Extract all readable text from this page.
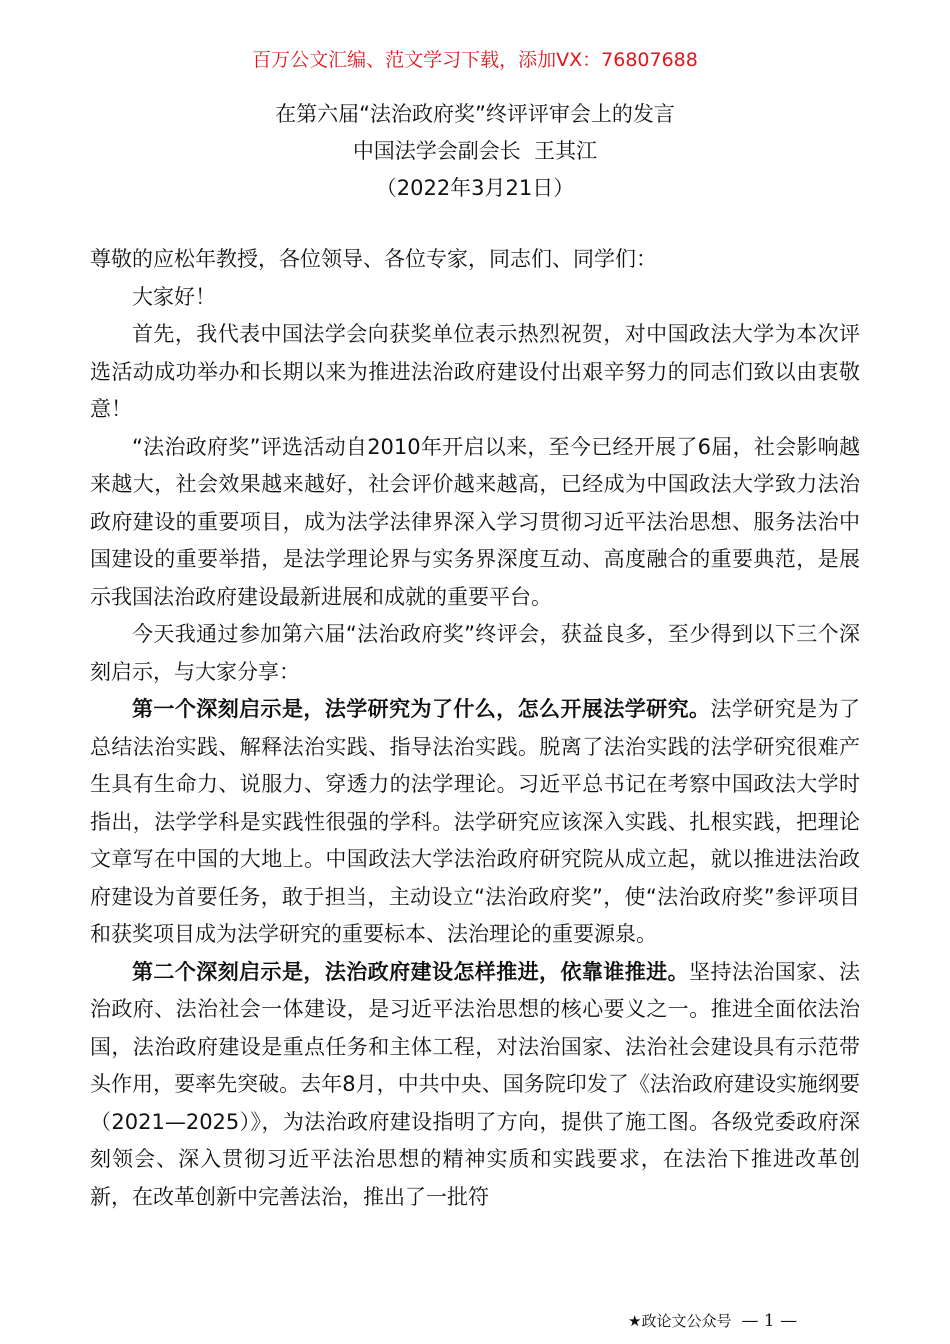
百万公文汇编、范文学习下载，添加VX：76807688
在第六届“法治政府奖”终评评审会上的发言
中国法学会副会长  王其江
（2022年3月21日）

尊敬的应松年教授，各位领导、各位专家，同志们、同学们：

大家好！

首先，我代表中国法学会向获奖单位表示热烈祝贺，对中国政法大学为本次评选活动成功举办和长期以来为推进法治政府建设付出艰辛努力的同志们致以由衷敬意！

“法治政府奖”评选活动自2010年开启以来，至今已经开展了6届，社会影响越来越大，社会效果越来越好，社会评价越来越高，已经成为中国政法大学致力法治政府建设的重要项目，成为法学法律界深入学习贯彻习近平法治思想、服务法治中国建设的重要举措，是法学理论界与实务界深度互动、高度融合的重要典范，是展示我国法治政府建设最新进展和成就的重要平台。

今天我通过参加第六届“法治政府奖”终评会，获益良多，至少得到以下三个深刻启示，与大家分享：

第一个深刻启示是，法学研究为了什么，怎么开展法学研究。法学研究是为了总结法治实践、解释法治实践、指导法治实践。脱离了法治实践的法学研究很难产生具有生命力、说服力、穿透力的法学理论。习近平总书记在考察中国政法大学时指出，法学学科是实践性很强的学科。法学研究应该深入实践、扎根实践，把理论文章写在中国的大地上。中国政法大学法治政府研究院从成立起，就以推进法治政府建设为首要任务，敢于担当，主动设立“法治政府奖”，使“法治政府奖”参评项目和获奖项目成为法学研究的重要标本、法治理论的重要源泉。

第二个深刻启示是，法治政府建设怎样推进，依靠谁推进。坚持法治国家、法治政府、法治社会一体建设，是习近平法治思想的核心要义之一。推进全面依法治国，法治政府建设是重点任务和主体工程，对法治国家、法治社会建设具有示范带头作用，要率先突破。去年8月，中共中央、国务院印发了《法治政府建设实施纲要（2021—2025）》，为法治政府建设指明了方向，提供了施工图。各级党委政府深刻领会、深入贯彻习近平法治思想的精神实质和实践要求，在法治下推进改革创新，在改革创新中完善法治，推出了一批符

★政论文公众号 — 1 —
